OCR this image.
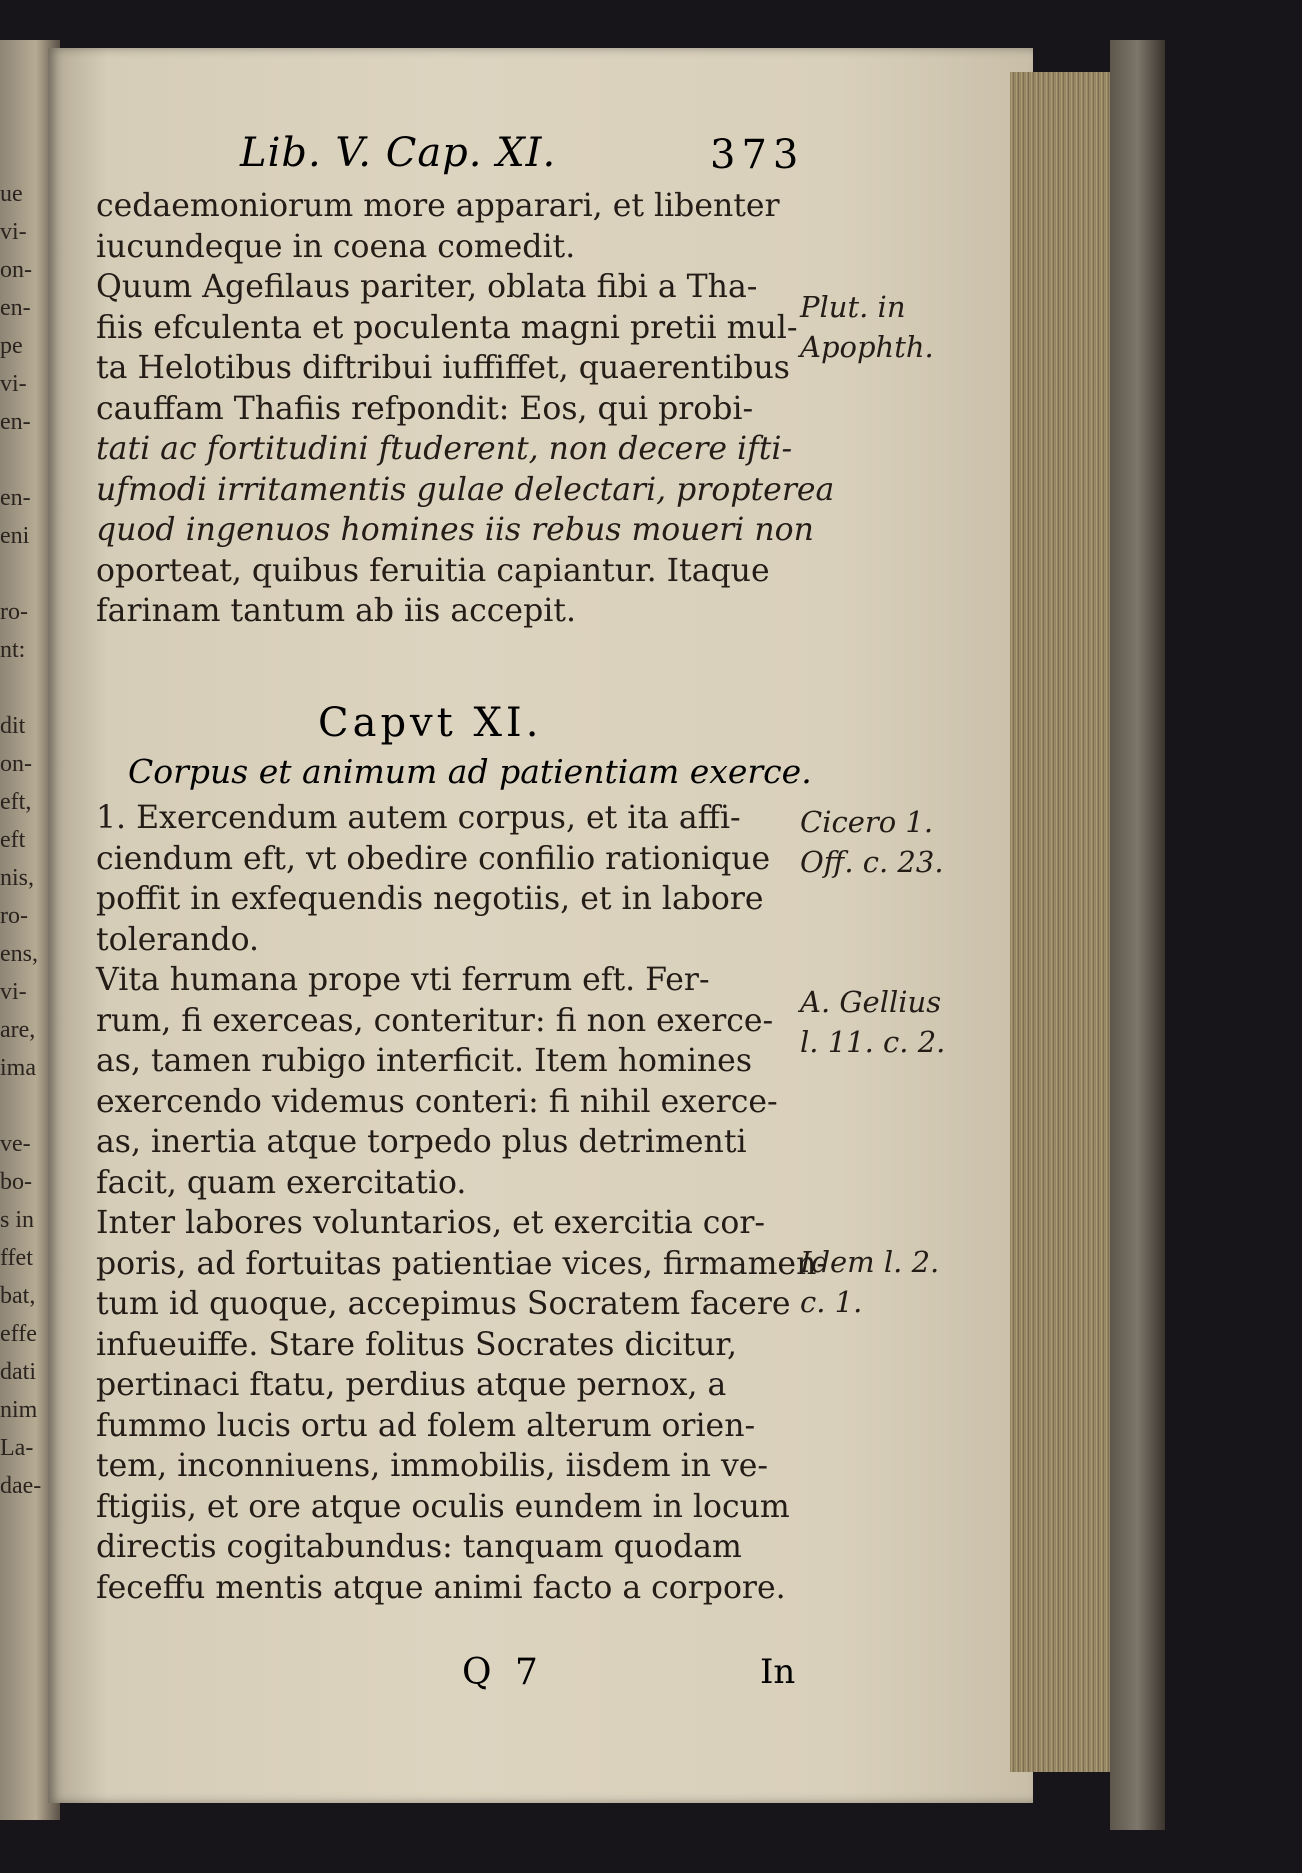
ue
vi-
on-
en-
pe
vi-
en-
en-
eni
ro-
nt:
dit
on-
eft,
eft
nis,
ro-
ens,
vi-
are,
ima
ve-
bo-
s in
ffet
bat,
effe
dati
nim
La-
dae-
Lib. V. Cap. XI.	373
cedaemoniorum more apparari, et libenter
iucundeque in coena comedit.
Quum Agefilaus pariter, oblata fibi a Tha-
fiis efculenta et poculenta magni pretii mul-
ta Helotibus diftribui iuffiffet, quaerentibus
cauffam Thafiis refpondit: Eos, qui probi-
tati ac fortitudini ftuderent, non decere ifti-
ufmodi irritamentis gulae delectari, propterea
quod ingenuos homines iis rebus moueri non
oporteat, quibus feruitia capiantur. Itaque
farinam tantum ab iis accepit.
1. Exercendum autem corpus, et ita affi-
ciendum eft, vt obedire confilio rationique
poffit in exfequendis negotiis, et in labore
tolerando.
Vita humana prope vti ferrum eft. Fer-
rum, fi exerceas, conteritur: fi non exerce-
as, tamen rubigo interficit. Item homines
exercendo videmus conteri: fi nihil exerce-
as, inertia atque torpedo plus detrimenti
facit, quam exercitatio.
Inter labores voluntarios, et exercitia cor-
poris, ad fortuitas patientiae vices, firmamen-
tum id quoque, accepimus Socratem facere
infueuiffe. Stare folitus Socrates dicitur,
pertinaci ftatu, perdius atque pernox, a
fummo lucis ortu ad folem alterum orien-
tem, inconniuens, immobilis, iisdem in ve-
ftigiis, et ore atque oculis eundem in locum
directis cogitabundus: tanquam quodam
feceffu mentis atque animi facto a corpore.
Capvt XI.
Corpus et animum ad patientiam exerce.
Plut. in
Apophth.
Cicero 1.
Off. c. 23.
A. Gellius
l. 11. c. 2.
Idem l. 2.
c. 1.
Q 7	In
